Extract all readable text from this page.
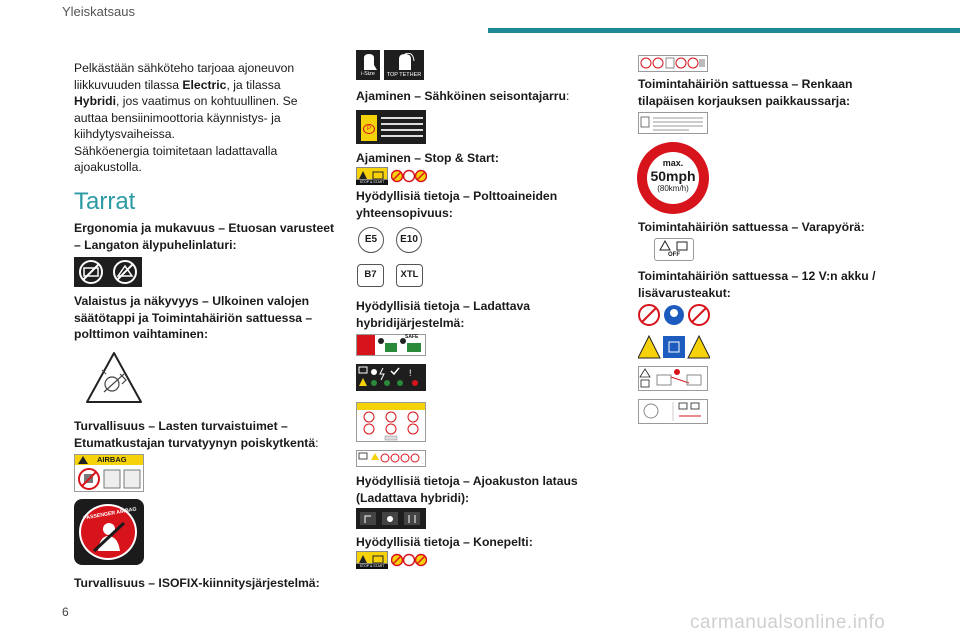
Yleiskatsaus

Pelkästään sähköteho tarjoaa ajoneuvon

liikkuvuuden tilassa Electric, ja tilassa

Hybridi, jos vaatimus on kohtuullinen. Se

auttaa bensiinimoottoria käynnistys- ja

kiihdytysvaiheissa.

Sähköenergia toimitetaan ladattavalla

ajoakustolla.

Tarrat

Ergonomia ja mukavuus – Etuosan varusteet

– Langaton älypuhelinlaturi:

Valaistus ja näkyvyys – Ulkoinen valojen

säätötappi ja Toimintahäiriön sattuessa –

polttimon vaihtaminen:

Turvallisuus – Lasten turvaistuimet –

Etumatkustajan turvatyynyn poiskytkentä:

AIRBAG
PASSENGER AIRBAG

Turvallisuus – ISOFIX-kiinnitysjärjestelmä:

i-Size	TOP TETHER

Ajaminen – Sähköinen seisontajarru:

P

Ajaminen – Stop & Start:

STOP & START SYSTEM

Hyödyllisiä tietoja – Polttoaineiden

yhteensopivuus:

E5	E10
B7	XTL

Hyödyllisiä tietoja – Ladattava

hybridijärjestelmä:

SAFE
!

Hyödyllisiä tietoja – Ajoakuston lataus

(Ladattava hybridi):

Hyödyllisiä tietoja – Konepelti:

STOP & START SYSTEM

Toimintahäiriön sattuessa – Renkaan

tilapäisen korjauksen paikkaussarja:

max.
50mph
(80km/h)

Toimintahäiriön sattuessa – Varapyörä:

OFF

Toimintahäiriön sattuessa – 12 V:n akku /

lisävarusteakut:

6	carmanualsonline.info
